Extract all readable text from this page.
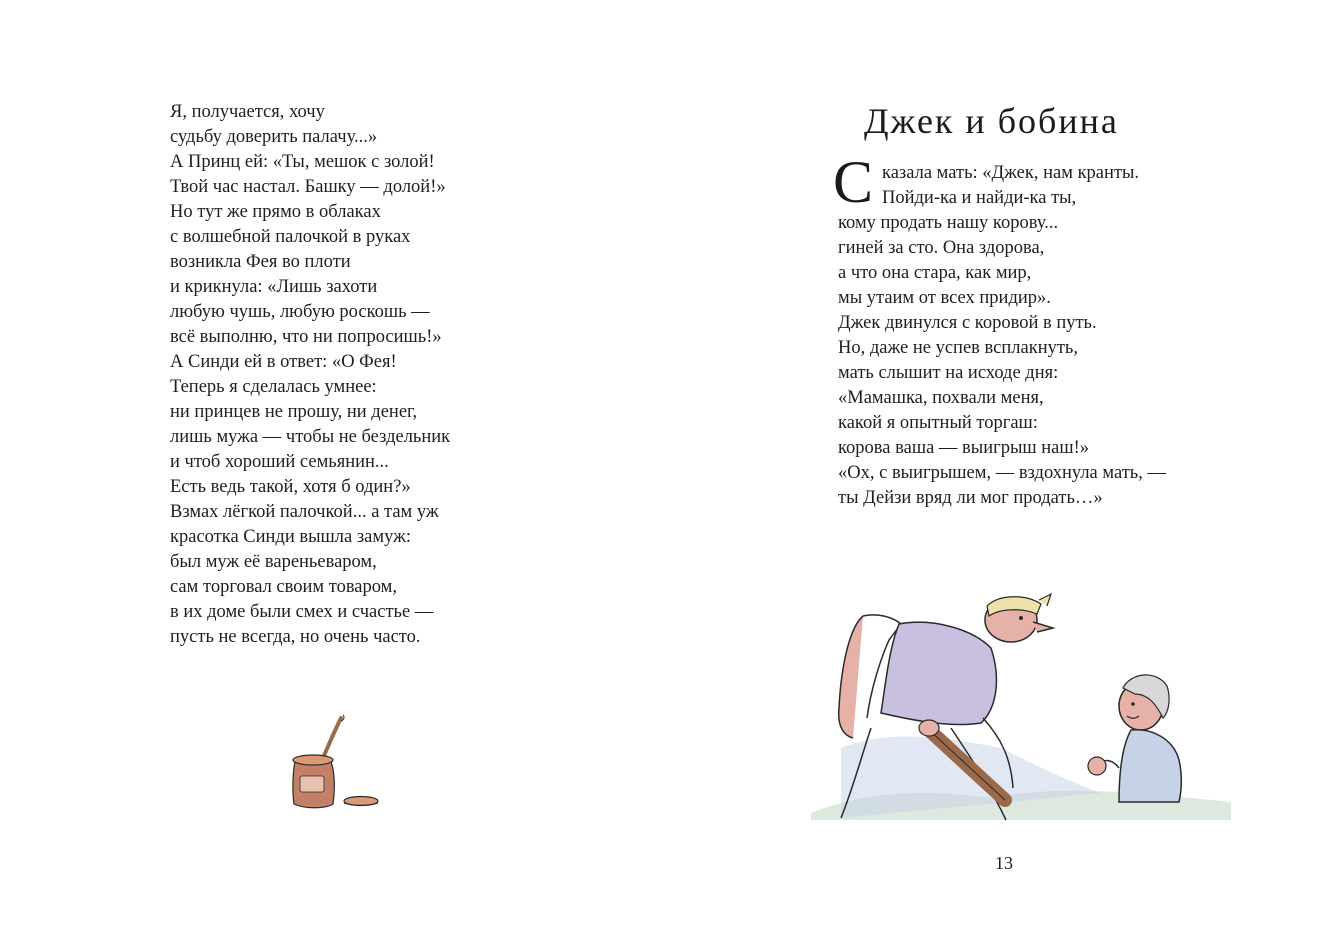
Я, получается, хочу
судьбу доверить палачу...»
А Принц ей: «Ты, мешок с золой!
Твой час настал. Башку — долой!»
Но тут же прямо в облаках
с волшебной палочкой в руках
возникла Фея во плоти
и крикнула: «Лишь захоти
любую чушь, любую роскошь —
всё выполню, что ни попросишь!»
А Синди ей в ответ: «О Фея!
Теперь я сделалась умнее:
ни принцев не прошу, ни денег,
лишь мужа — чтобы не бездельник
и чтоб хороший семьянин...
Есть ведь такой, хотя б один?»
Взмах лёгкой палочкой... а там уж
красотка Синди вышла замуж:
был муж её вареньеваром,
сам торговал своим товаром,
в их доме были смех и счастье —
пусть не всегда, но очень часто.
Джек и бобина
С казала мать: «Джек, нам кранты.
Пойди-ка и найди-ка ты,
кому продать нашу корову...
гиней за сто. Она здорова,
а что она стара, как мир,
мы утаим от всех придир».
Джек двинулся с коровой в путь.
Но, даже не успев всплакнуть,
мать слышит на исходе дня:
«Мамашка, похвали меня,
какой я опытный торгаш:
корова ваша — выигрыш наш!»
«Ох, с выигрышем, — вздохнула мать, —
ты Дейзи вряд ли мог продать…»
13
